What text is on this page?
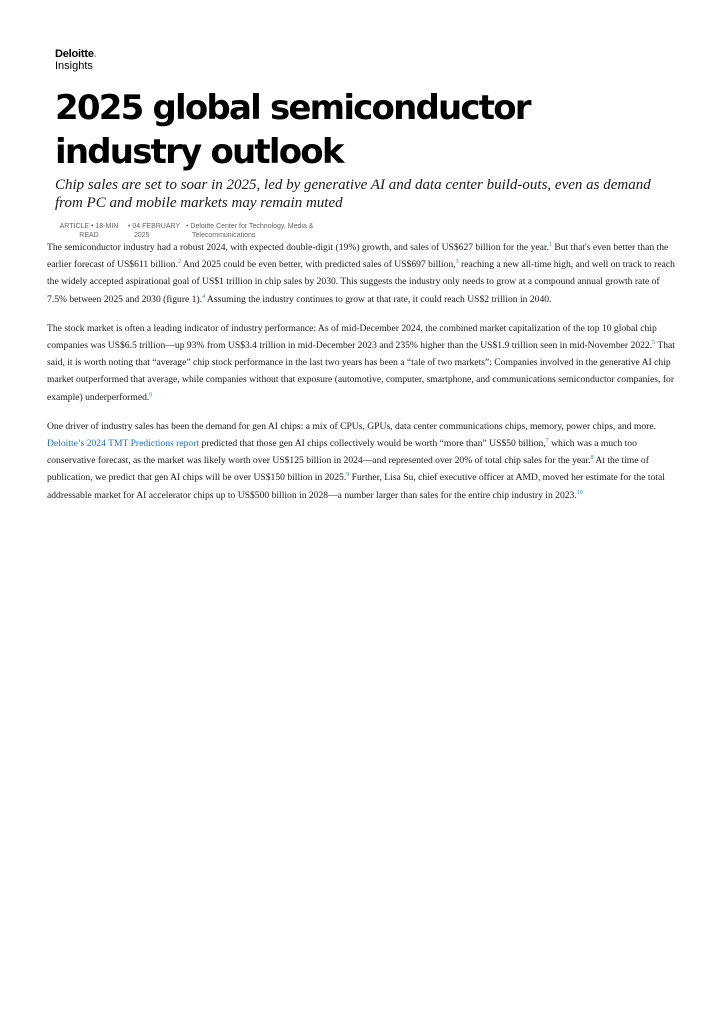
Deloitte.
Insights
2025 global semiconductor industry outlook

Chip sales are set to soar in 2025, led by generative AI and data center build-outs, even as demand from PC and mobile markets may remain muted

ARTICLE • 18-MIN
READ
• 04 FEBRUARY
2025
• Deloitte Center for Technology, Media &
Telecommunications

The semiconductor industry had a robust 2024, with expected double-digit (19%) growth, and sales of US$627 billion for the year.$^1$ But that's even better than the earlier forecast of US$611 billion.$^2$ And 2025 could be even better, with predicted sales of US$697 billion,$^3$ reaching a new all-time high, and well on track to reach the widely accepted aspirational goal of US$1 trillion in chip sales by 2030. This suggests the industry only needs to grow at a compound annual growth rate of 7.5% between 2025 and 2030 (figure 1).$^4$ Assuming the industry continues to grow at that rate, it could reach US$2 trillion in 2040.

The stock market is often a leading indicator of industry performance: As of mid-December 2024, the combined market capitalization of the top 10 global chip companies was US$6.5 trillion—up 93% from US$3.4 trillion in mid-December 2023 and 235% higher than the US$1.9 trillion seen in mid-November 2022.$^5$ That said, it is worth noting that “average” chip stock performance in the last two years has been a “tale of two markets”: Companies involved in the generative AI chip market outperformed that average, while companies without that exposure (automotive, computer, smartphone, and communications semiconductor companies, for example) underperformed.$^6$

One driver of industry sales has been the demand for gen AI chips: a mix of CPUs, GPUs, data center communications chips, memory, power chips, and more. Deloitte’s 2024 TMT Predictions report predicted that those gen AI chips collectively would be worth “more than” US$50 billion,$^7$ which was a much too conservative forecast, as the market was likely worth over US$125 billion in 2024—and represented over 20% of total chip sales for the year.$^8$ At the time of publication, we predict that gen AI chips will be over US$150 billion in 2025.$^9$ Further, Lisa Su, chief executive officer at AMD, moved her estimate for the total addressable market for AI accelerator chips up to US$500 billion in 2028—a number larger than sales for the entire chip industry in 2023.10
